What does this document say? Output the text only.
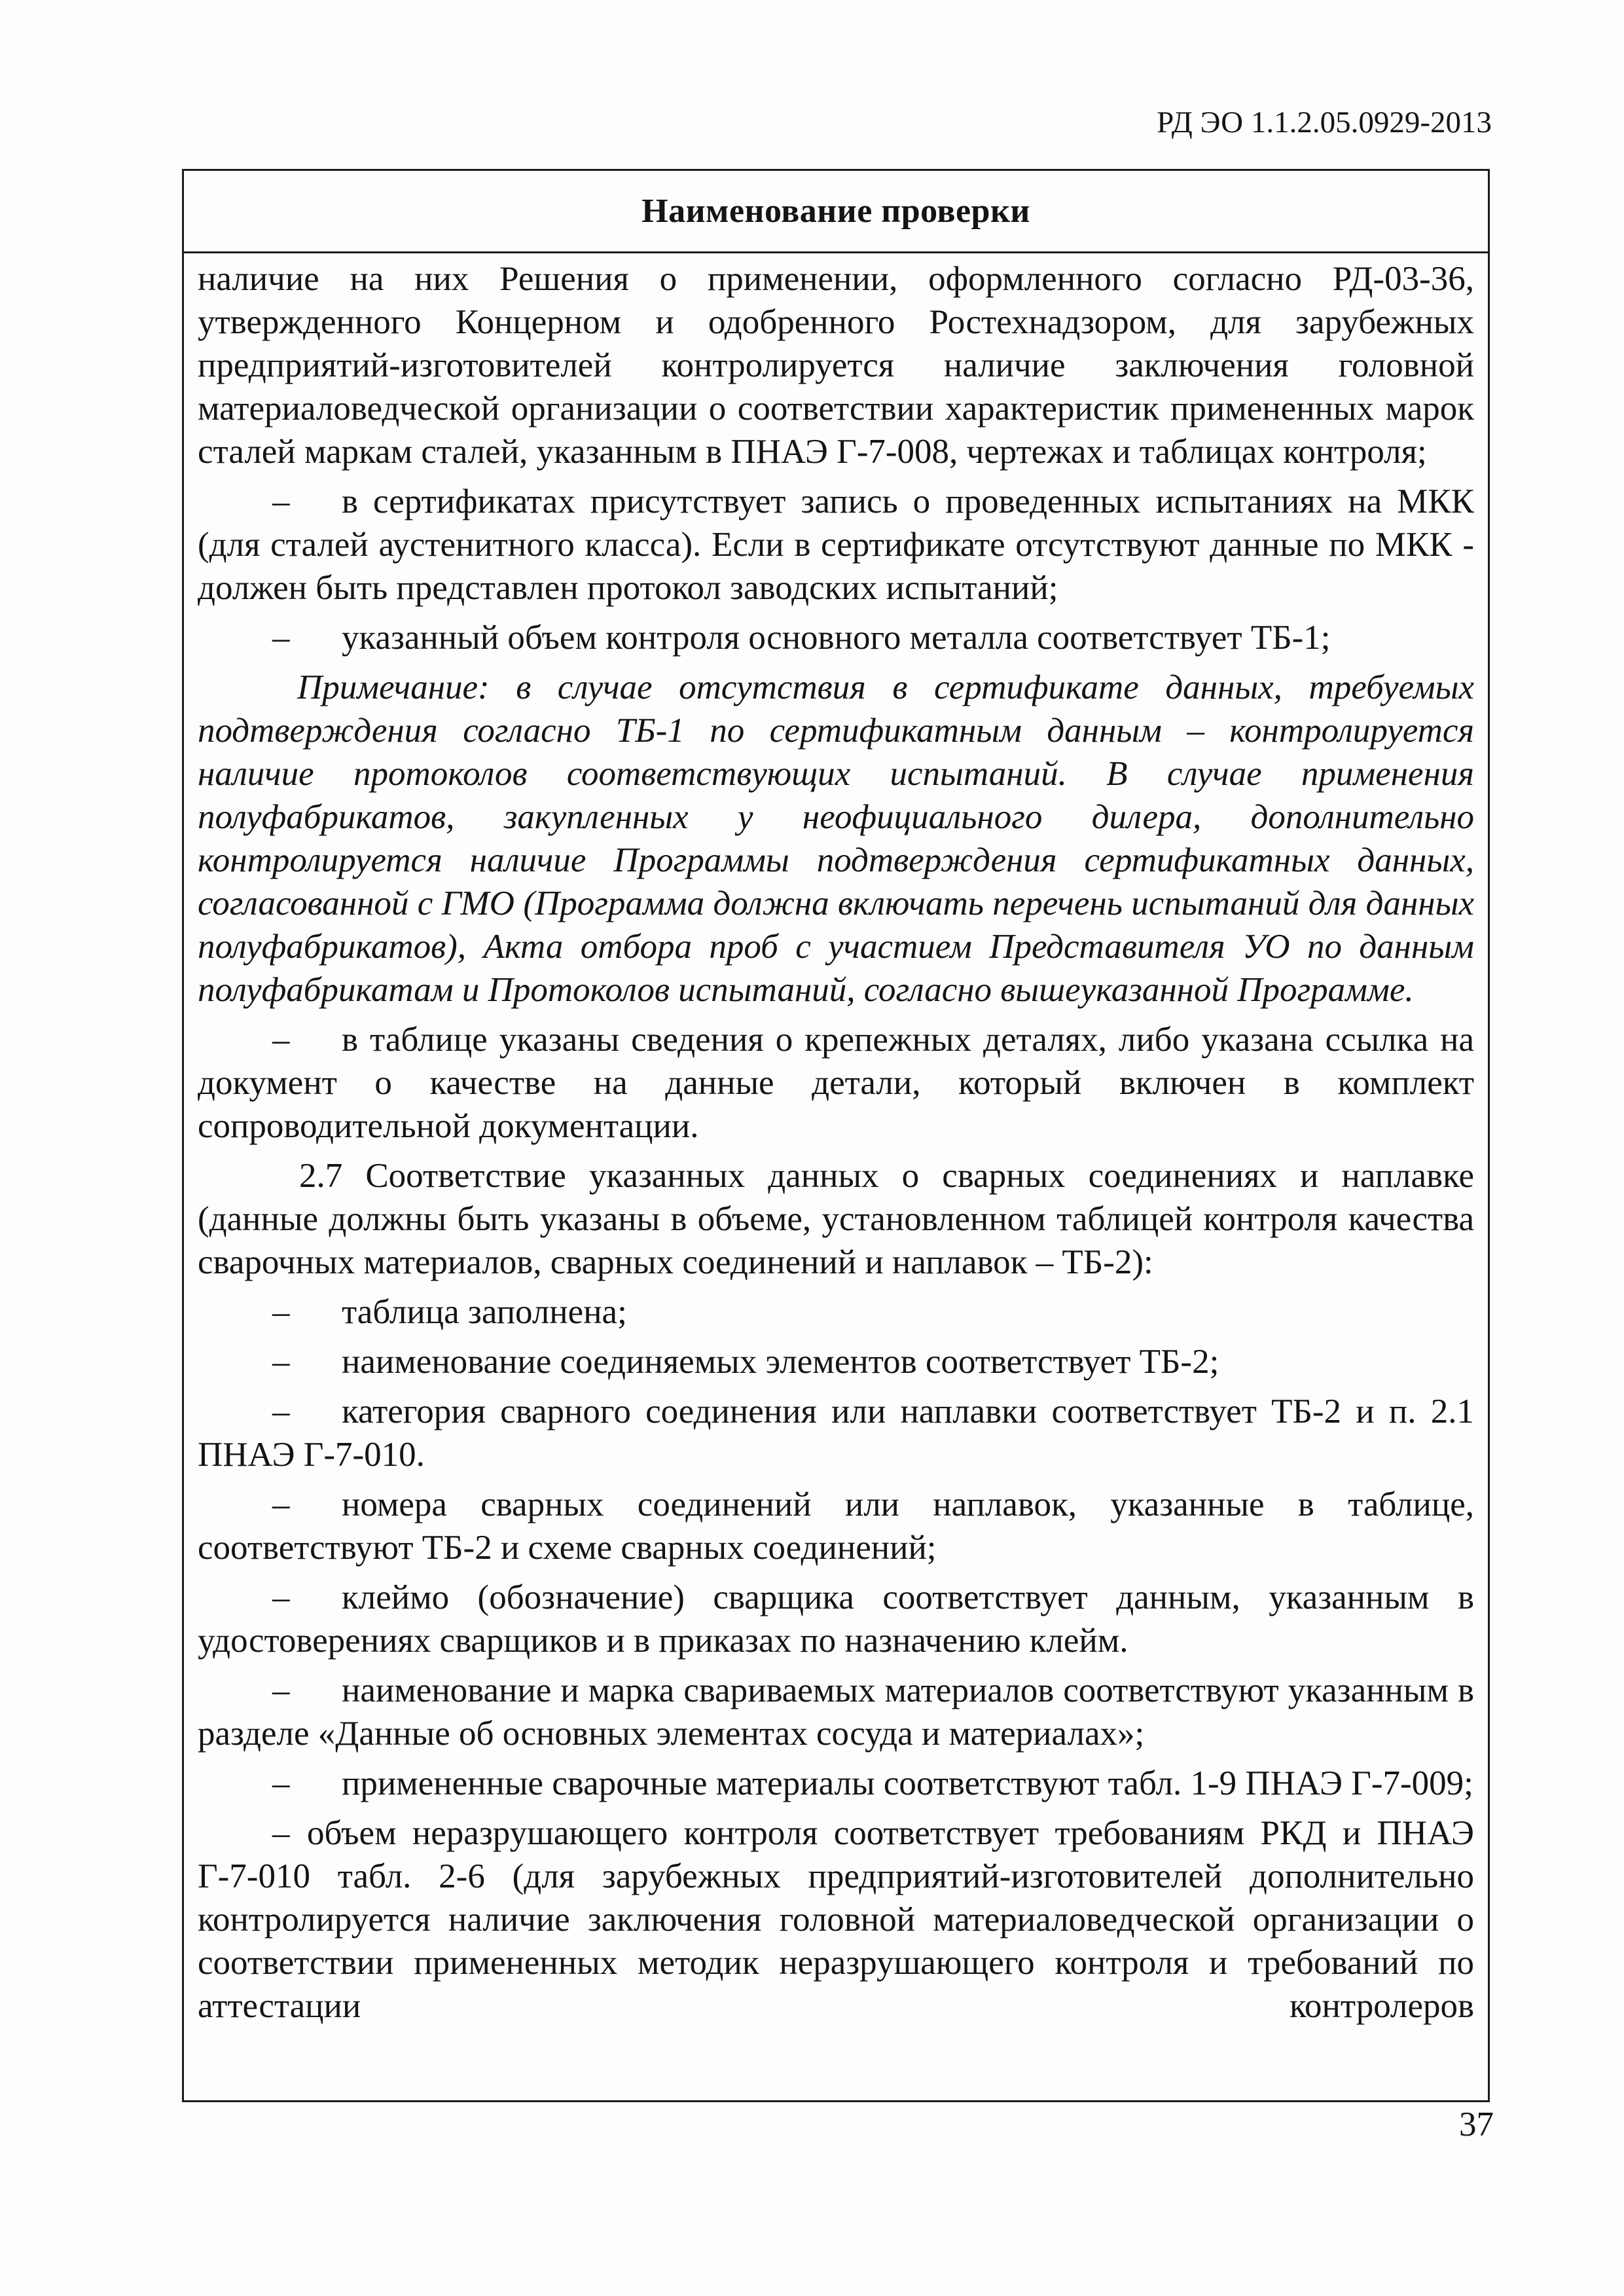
РД ЭО 1.1.2.05.0929-2013
Наименование проверки

наличие на них Решения о применении, оформленного согласно РД-03-36, утвержденного Концерном и одобренного Ростехнадзором, для зарубежных предприятий-изготовителей контролируется наличие заключения головной материаловедческой организации о соответствии характеристик примененных марок сталей маркам сталей, указанным в ПНАЭ Г-7-008, чертежах и таблицах контроля;

–  в сертификатах присутствует запись о проведенных испытаниях на МКК (для сталей аустенитного класса). Если в сертификате отсутствуют данные по МКК - должен быть представлен протокол заводских испытаний;

–  указанный объем контроля основного металла соответствует ТБ-1;

Примечание: в случае отсутствия в сертификате данных, требуемых подтверждения согласно ТБ-1 по сертификатным данным – контролируется наличие протоколов соответствующих испытаний. В случае применения полуфабрикатов, закупленных у неофициального дилера, дополнительно контролируется наличие Программы подтверждения сертификатных данных, согласованной с ГМО (Программа должна включать перечень испытаний для данных полуфабрикатов), Акта отбора проб с участием Представителя УО по данным полуфабрикатам и Протоколов испытаний, согласно вышеуказанной Программе.

–  в таблице указаны сведения о крепежных деталях, либо указана ссылка на документ о качестве на данные детали, который включен в комплект сопроводительной документации.

2.7 Соответствие указанных данных о сварных соединениях и наплавке (данные должны быть указаны в объеме, установленном таблицей контроля качества сварочных материалов, сварных соединений и наплавок – ТБ-2):

–  таблица заполнена;

–  наименование соединяемых элементов соответствует ТБ-2;

–  категория сварного соединения или наплавки соответствует ТБ-2 и п. 2.1 ПНАЭ Г-7-010.

–  номера сварных соединений или наплавок, указанные в таблице, соответствуют ТБ-2 и схеме сварных соединений;

–  клеймо (обозначение) сварщика соответствует данным, указанным в удостоверениях сварщиков и в приказах по назначению клейм.

–  наименование и марка свариваемых материалов соответствуют указанным в разделе «Данные об основных элементах сосуда и материалах»;

–  примененные сварочные материалы соответствуют табл. 1-9 ПНАЭ Г-7-009;

– объем неразрушающего контроля соответствует требованиям РКД и ПНАЭ Г-7-010 табл. 2-6 (для зарубежных предприятий-изготовителей дополнительно контролируется наличие заключения головной материаловедческой организации о соответствии примененных методик неразрушающего контроля и требований по аттестации контролеров

37
